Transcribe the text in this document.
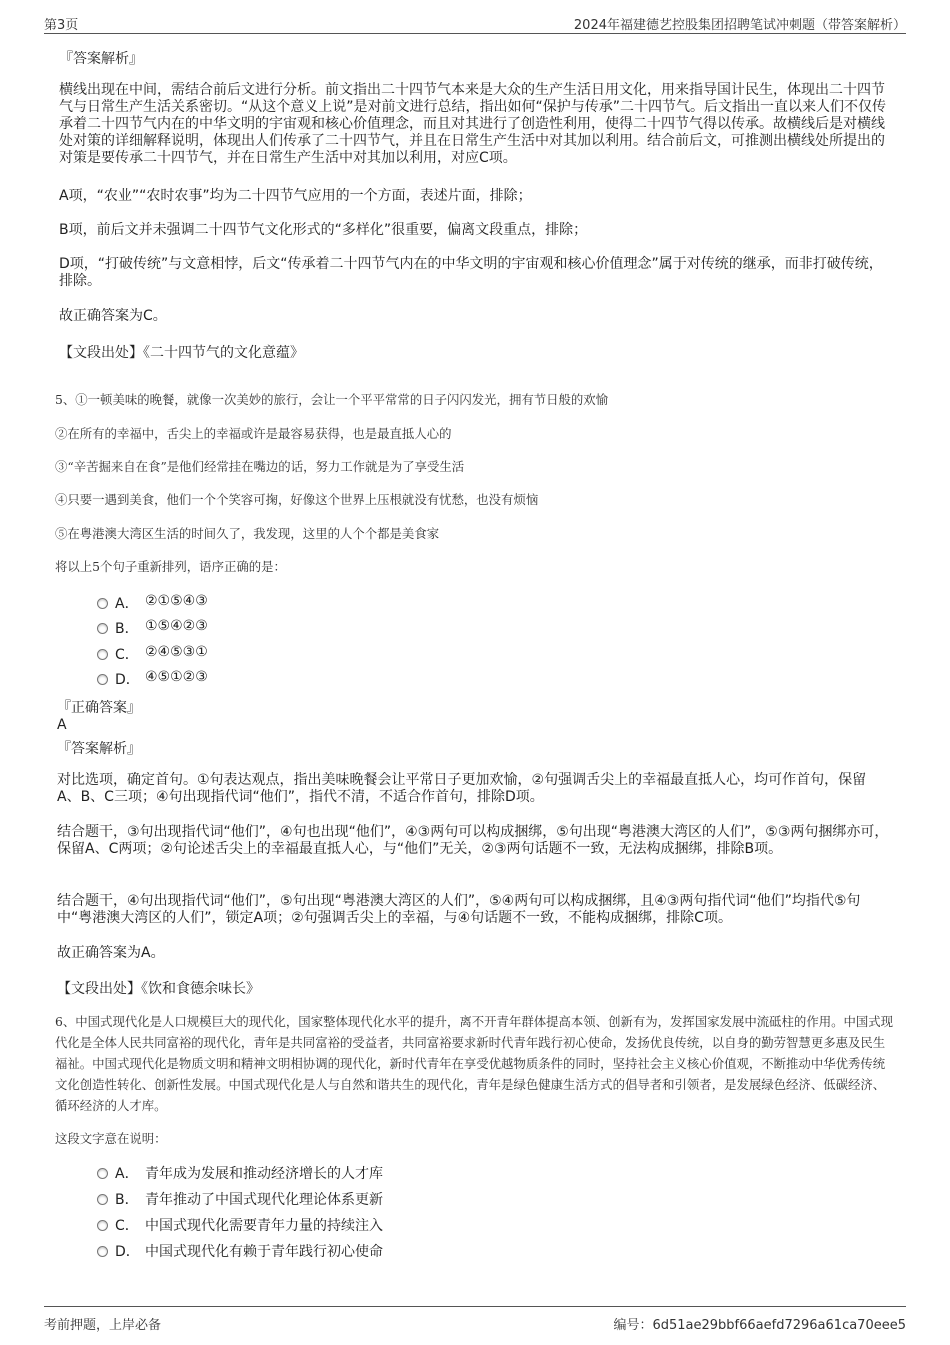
第3页	2024年福建德艺控股集团招聘笔试冲刺题（带答案解析）
『答案解析』
横线出现在中间，需结合前后文进行分析。前文指出二十四节气本来是大众的生产生活日用文化，用来指导国计民生，体现出二十四节气与日常生产生活关系密切。“从这个意义上说”是对前文进行总结，指出如何“保护与传承”二十四节气。后文指出一直以来人们不仅传承着二十四节气内在的中华文明的宇宙观和核心价值理念，而且对其进行了创造性利用，使得二十四节气得以传承。故横线后是对横线处对策的详细解释说明，体现出人们传承了二十四节气，并且在日常生产生活中对其加以利用。结合前后文，可推测出横线处所提出的对策是要传承二十四节气，并在日常生产生活中对其加以利用，对应C项。
A项，“农业”“农时农事”均为二十四节气应用的一个方面，表述片面，排除；
B项，前后文并未强调二十四节气文化形式的“多样化”很重要，偏离文段重点，排除；
D项，“打破传统”与文意相悖，后文“传承着二十四节气内在的中华文明的宇宙观和核心价值理念”属于对传统的继承，而非打破传统，排除。
故正确答案为C。
【文段出处】《二十四节气的文化意蕴》
5、①一顿美味的晚餐，就像一次美妙的旅行，会让一个平平常常的日子闪闪发光，拥有节日般的欢愉
②在所有的幸福中，舌尖上的幸福或许是最容易获得，也是最直抵人心的
③“辛苦掘来自在食”是他们经常挂在嘴边的话，努力工作就是为了享受生活
④只要一遇到美食，他们一个个笑容可掬，好像这个世界上压根就没有忧愁，也没有烦恼
⑤在粤港澳大湾区生活的时间久了，我发现，这里的人个个都是美食家
将以上5个句子重新排列，语序正确的是：
A． ②①⑤④③
B． ①⑤④②③
C． ②④⑤③①
D． ④⑤①②③
『正确答案』
A
『答案解析』
对比选项，确定首句。①句表达观点，指出美味晚餐会让平常日子更加欢愉，②句强调舌尖上的幸福最直抵人心，均可作首句，保留A、B、C三项；④句出现指代词“他们”，指代不清，不适合作首句，排除D项。
结合题干，③句出现指代词“他们”，④句也出现“他们”，④③两句可以构成捆绑，⑤句出现“粤港澳大湾区的人们”，⑤③两句捆绑亦可，保留A、C两项；②句论述舌尖上的幸福最直抵人心，与“他们”无关，②③两句话题不一致，无法构成捆绑，排除B项。
结合题干，④句出现指代词“他们”，⑤句出现“粤港澳大湾区的人们”，⑤④两句可以构成捆绑，且④③两句指代词“他们”均指代⑤句中“粤港澳大湾区的人们”，锁定A项；②句强调舌尖上的幸福，与④句话题不一致，不能构成捆绑，排除C项。
故正确答案为A。
【文段出处】《饮和食德余味长》
6、中国式现代化是人口规模巨大的现代化，国家整体现代化水平的提升，离不开青年群体提高本领、创新有为，发挥国家发展中流砥柱的作用。中国式现代化是全体人民共同富裕的现代化，青年是共同富裕的受益者，共同富裕要求新时代青年践行初心使命，发扬优良传统，以自身的勤劳智慧更多惠及民生福祉。中国式现代化是物质文明和精神文明相协调的现代化，新时代青年在享受优越物质条件的同时，坚持社会主义核心价值观，不断推动中华优秀传统文化创造性转化、创新性发展。中国式现代化是人与自然和谐共生的现代化，青年是绿色健康生活方式的倡导者和引领者，是发展绿色经济、低碳经济、循环经济的人才库。
这段文字意在说明：
A． 青年成为发展和推动经济增长的人才库
B． 青年推动了中国式现代化理论体系更新
C． 中国式现代化需要青年力量的持续注入
D． 中国式现代化有赖于青年践行初心使命
考前押题，上岸必备	编号：6d51ae29bbf66aefd7296a61ca70eee5
